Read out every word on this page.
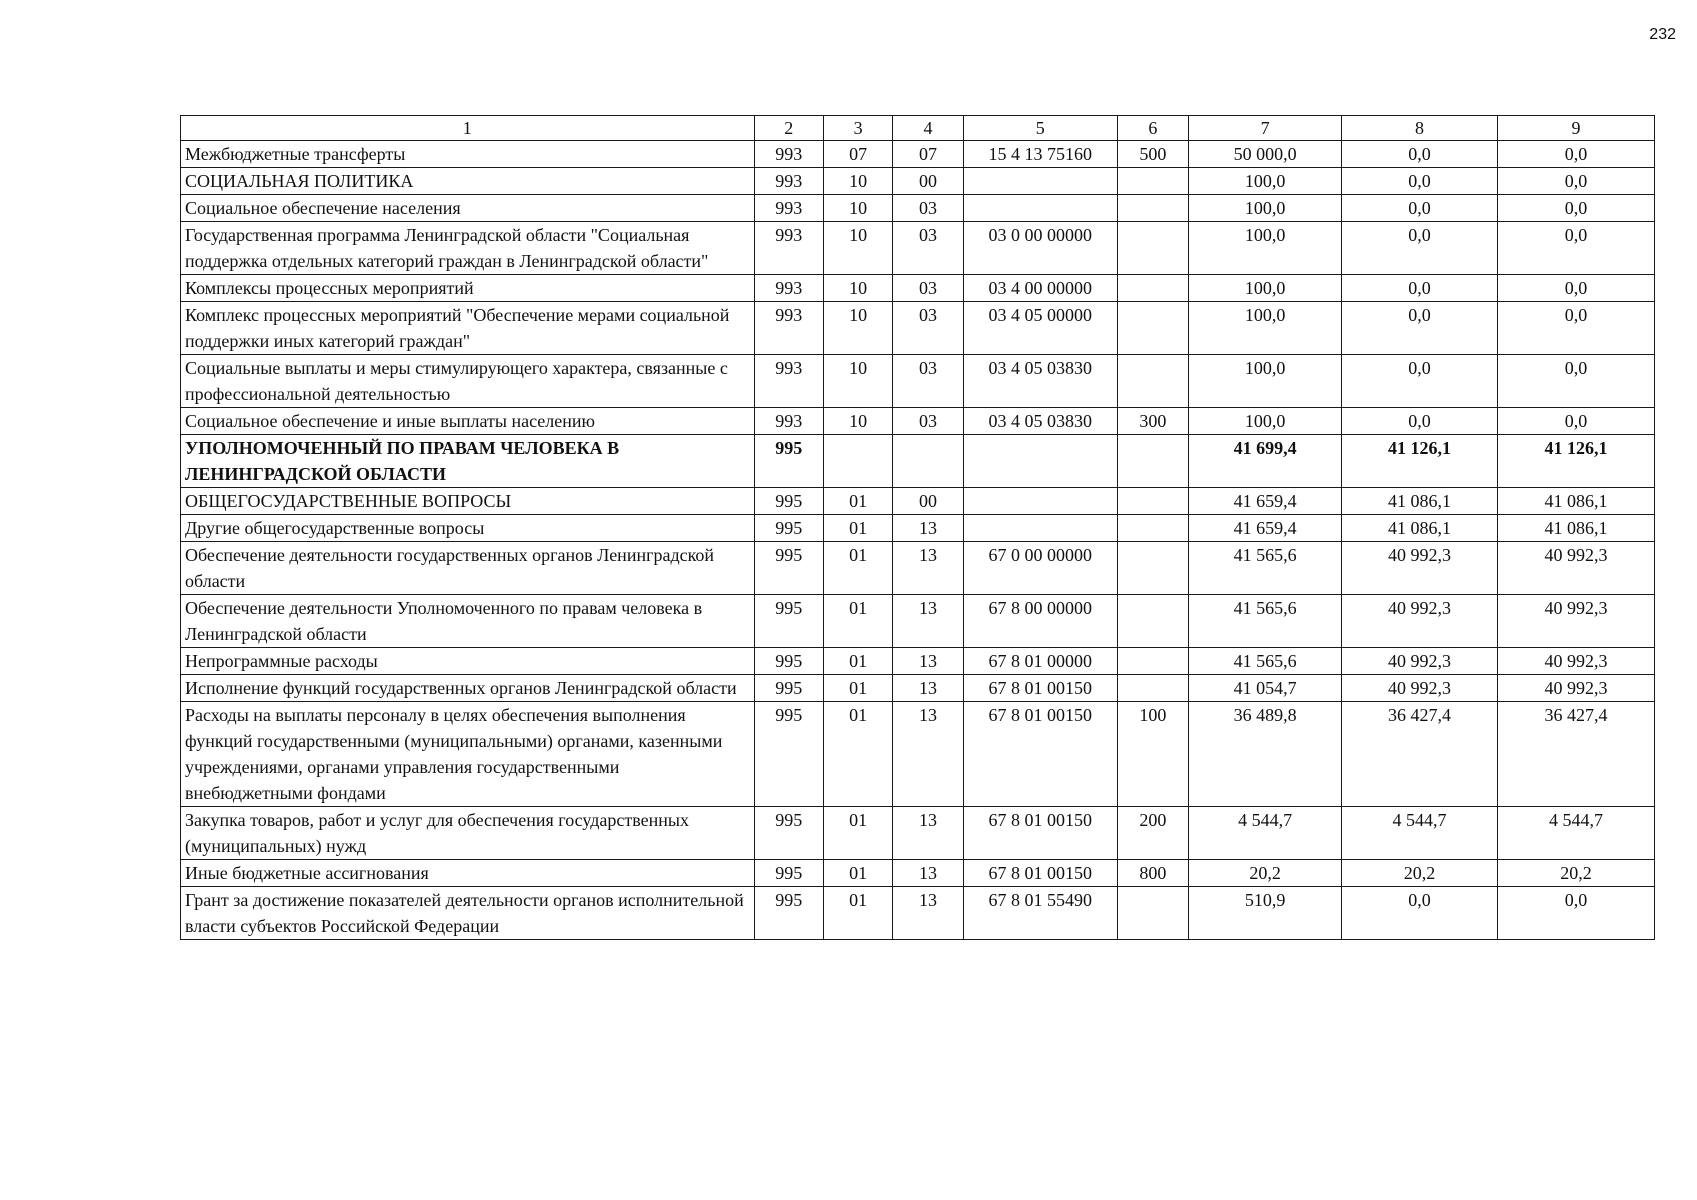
232
1	2	3	4	5	6	7	8	9
Межбюджетные трансферты	993	07	07	15 4 13 75160	500	50 000,0	0,0	0,0
СОЦИАЛЬНАЯ ПОЛИТИКА	993	10	00			100,0	0,0	0,0
Социальное обеспечение населения	993	10	03			100,0	0,0	0,0
Государственная программа Ленинградской области "Социальная поддержка отдельных категорий граждан в Ленинградской области"	993	10	03	03 0 00 00000		100,0	0,0	0,0
Комплексы процессных мероприятий	993	10	03	03 4 00 00000		100,0	0,0	0,0
Комплекс процессных мероприятий "Обеспечение мерами социальной поддержки иных категорий граждан"	993	10	03	03 4 05 00000		100,0	0,0	0,0
Социальные выплаты и меры стимулирующего характера, связанные с профессиональной деятельностью	993	10	03	03 4 05 03830		100,0	0,0	0,0
Социальное обеспечение и иные выплаты населению	993	10	03	03 4 05 03830	300	100,0	0,0	0,0
УПОЛНОМОЧЕННЫЙ ПО ПРАВАМ ЧЕЛОВЕКА В ЛЕНИНГРАДСКОЙ ОБЛАСТИ	995					41 699,4	41 126,1	41 126,1
ОБЩЕГОСУДАРСТВЕННЫЕ ВОПРОСЫ	995	01	00			41 659,4	41 086,1	41 086,1
Другие общегосударственные вопросы	995	01	13			41 659,4	41 086,1	41 086,1
Обеспечение деятельности государственных органов Ленинградской области	995	01	13	67 0 00 00000		41 565,6	40 992,3	40 992,3
Обеспечение деятельности Уполномоченного по правам человека в Ленинградской области	995	01	13	67 8 00 00000		41 565,6	40 992,3	40 992,3
Непрограммные расходы	995	01	13	67 8 01 00000		41 565,6	40 992,3	40 992,3
Исполнение функций государственных органов Ленинградской области	995	01	13	67 8 01 00150		41 054,7	40 992,3	40 992,3
Расходы на выплаты персоналу в целях обеспечения выполнения функций государственными (муниципальными) органами, казенными учреждениями, органами управления государственными внебюджетными фондами	995	01	13	67 8 01 00150	100	36 489,8	36 427,4	36 427,4
Закупка товаров, работ и услуг для обеспечения государственных (муниципальных) нужд	995	01	13	67 8 01 00150	200	4 544,7	4 544,7	4 544,7
Иные бюджетные ассигнования	995	01	13	67 8 01 00150	800	20,2	20,2	20,2
Грант за достижение показателей деятельности органов исполнительной власти субъектов Российской Федерации	995	01	13	67 8 01 55490		510,9	0,0	0,0
